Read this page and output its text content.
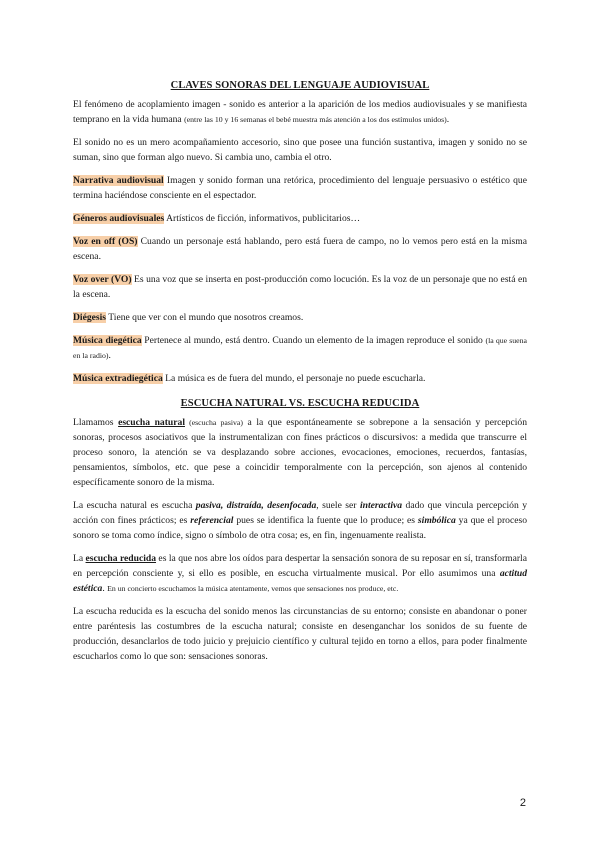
CLAVES SONORAS DEL LENGUAJE AUDIOVISUAL

El fenómeno de acoplamiento imagen - sonido es anterior a la aparición de los medios audiovisuales y se manifiesta temprano en la vida humana (entre las 10 y 16 semanas el bebé muestra más atención a los dos estímulos unidos).

El sonido no es un mero acompañamiento accesorio, sino que posee una función sustantiva, imagen y sonido no se suman, sino que forman algo nuevo. Si cambia uno, cambia el otro.

Narrativa audiovisual Imagen y sonido forman una retórica, procedimiento del lenguaje persuasivo o estético que termina haciéndose consciente en el espectador.

Géneros audiovisuales Artísticos de ficción, informativos, publicitarios…

Voz en off (OS) Cuando un personaje está hablando, pero está fuera de campo, no lo vemos pero está en la misma escena.

Voz over (VO) Es una voz que se inserta en post-producción como locución. Es la voz de un personaje que no está en la escena.

Diégesis Tiene que ver con el mundo que nosotros creamos.

Música diegética Pertenece al mundo, está dentro. Cuando un elemento de la imagen reproduce el sonido (la que suena en la radio).

Música extradiegética La música es de fuera del mundo, el personaje no puede escucharla.

ESCUCHA NATURAL VS. ESCUCHA REDUCIDA

Llamamos escucha natural (escucha pasiva) a la que espontáneamente se sobrepone a la sensación y percepción sonoras, procesos asociativos que la instrumentalizan con fines prácticos o discursivos: a medida que transcurre el proceso sonoro, la atención se va desplazando sobre acciones, evocaciones, emociones, recuerdos, fantasías, pensamientos, símbolos, etc. que pese a coincidir temporalmente con la percepción, son ajenos al contenido específicamente sonoro de la misma.

La escucha natural es escucha pasiva, distraída, desenfocada, suele ser interactiva dado que vincula percepción y acción con fines prácticos; es referencial pues se identifica la fuente que lo produce; es simbólica ya que el proceso sonoro se toma como índice, signo o símbolo de otra cosa; es, en fin, ingenuamente realista.

La escucha reducida es la que nos abre los oídos para despertar la sensación sonora de su reposar en sí, transformarla en percepción consciente y, si ello es posible, en escucha virtualmente musical. Por ello asumimos una actitud estética. En un concierto escuchamos la música atentamente, vemos que sensaciones nos produce, etc.

La escucha reducida es la escucha del sonido menos las circunstancias de su entorno; consiste en abandonar o poner entre paréntesis las costumbres de la escucha natural; consiste en desenganchar los sonidos de su fuente de producción, desanclarlos de todo juicio y prejuicio científico y cultural tejido en torno a ellos, para poder finalmente escucharlos como lo que son: sensaciones sonoras.

2
